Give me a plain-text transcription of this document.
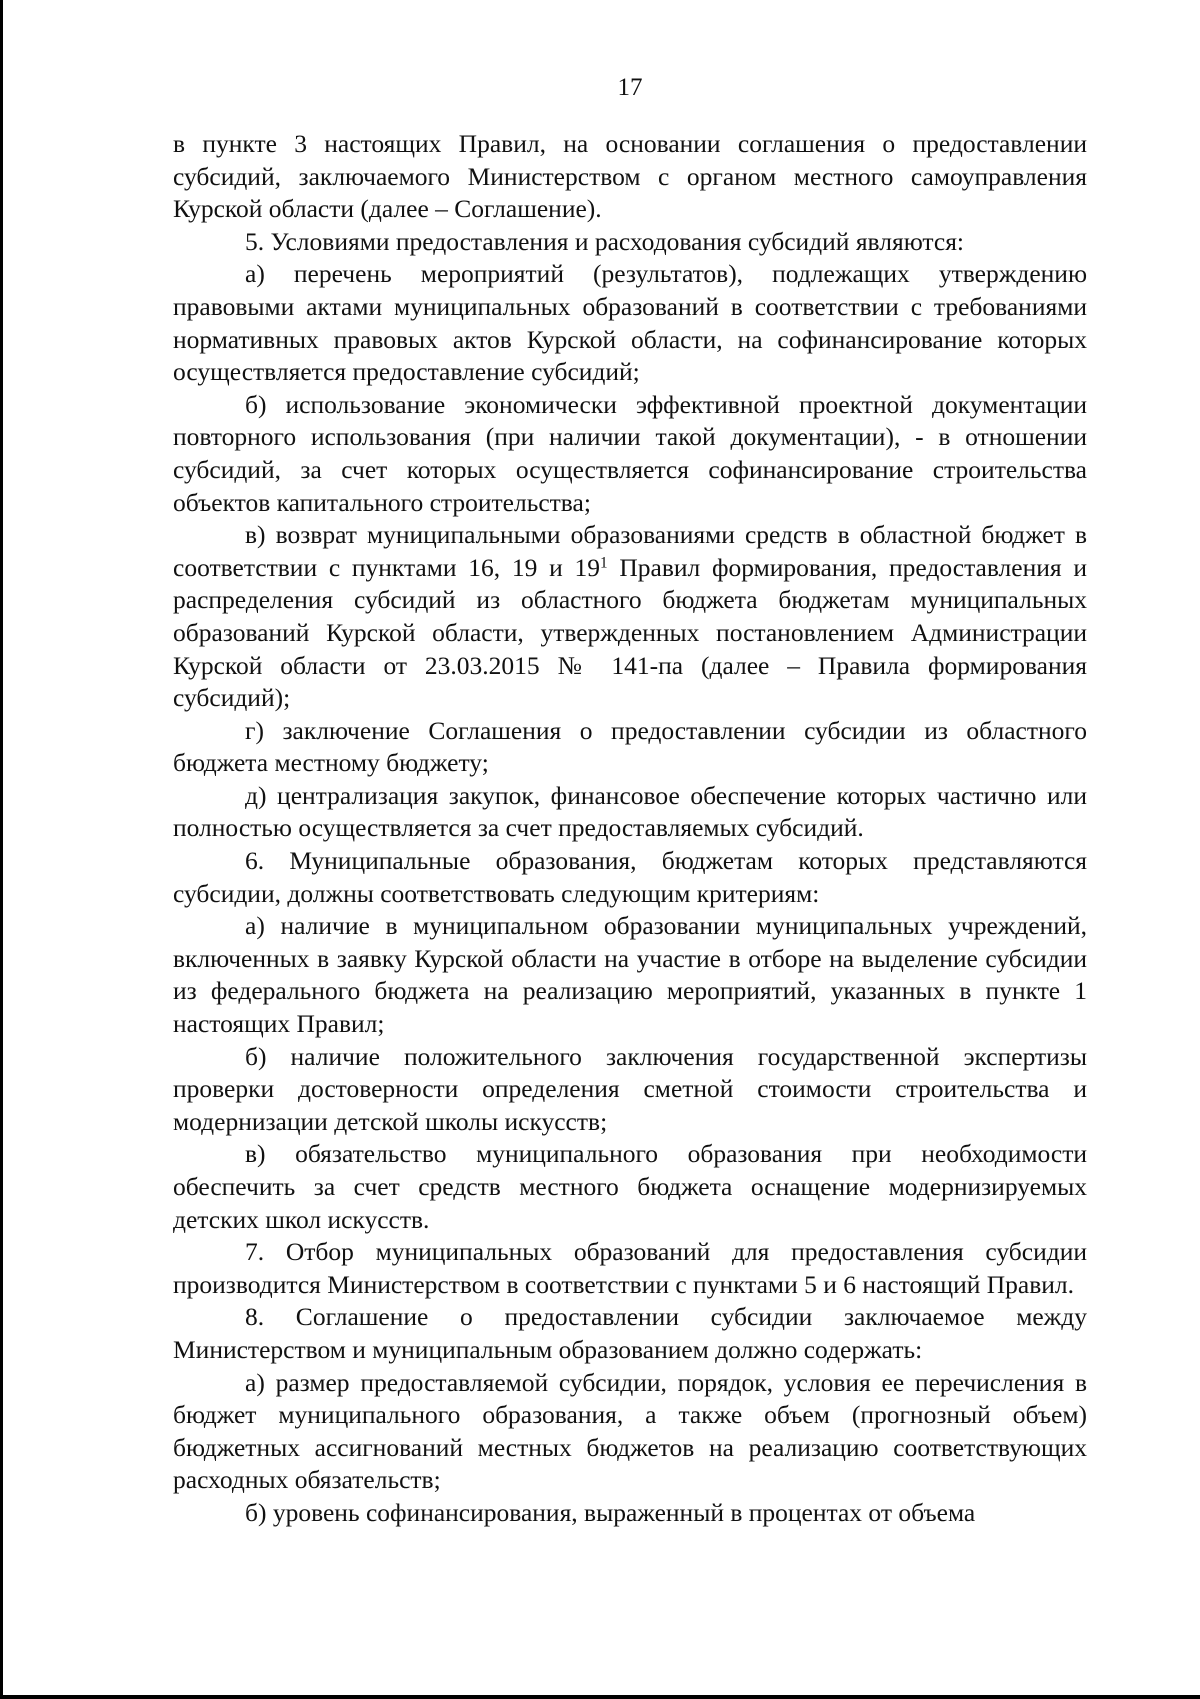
17

в пункте 3 настоящих Правил, на основании соглашения о предоставлении субсидий, заключаемого Министерством с органом местного самоуправления Курской области (далее – Соглашение).

5. Условиями предоставления и расходования субсидий являются:

а) перечень мероприятий (результатов), подлежащих утверждению правовыми актами муниципальных образований в соответствии с требованиями нормативных правовых актов Курской области, на софинансирование которых осуществляется предоставление субсидий;

б) использование экономически эффективной проектной документации повторного использования (при наличии такой документации), - в отношении субсидий, за счет которых осуществляется софинансирование строительства объектов капитального строительства;

в) возврат муниципальными образованиями средств в областной бюджет в соответствии с пунктами 16, 19 и $19^1$ Правил формирования, предоставления и распределения субсидий из областного бюджета бюджетам муниципальных образований Курской области, утвержденных постановлением Администрации Курской области от 23.03.2015 № 141-па (далее – Правила формирования субсидий);

г) заключение Соглашения о предоставлении субсидии из областного бюджета местному бюджету;

д) централизация закупок, финансовое обеспечение которых частично или полностью осуществляется за счет предоставляемых субсидий.

6. Муниципальные образования, бюджетам которых представляются субсидии, должны соответствовать следующим критериям:

а) наличие в муниципальном образовании муниципальных учреждений, включенных в заявку Курской области на участие в отборе на выделение субсидии из федерального бюджета на реализацию мероприятий, указанных в пункте 1 настоящих Правил;

б) наличие положительного заключения государственной экспертизы проверки достоверности определения сметной стоимости строительства и модернизации детской школы искусств;

в) обязательство муниципального образования при необходимости обеспечить за счет средств местного бюджета оснащение модернизируемых детских школ искусств.

7. Отбор муниципальных образований для предоставления субсидии производится Министерством в соответствии с пунктами 5 и 6 настоящий Правил.

8. Соглашение о предоставлении субсидии заключаемое между Министерством и муниципальным образованием должно содержать:

а) размер предоставляемой субсидии, порядок, условия ее перечисления в бюджет муниципального образования, а также объем (прогнозный объем) бюджетных ассигнований местных бюджетов на реализацию соответствующих расходных обязательств;

б) уровень софинансирования, выраженный в процентах от объема
